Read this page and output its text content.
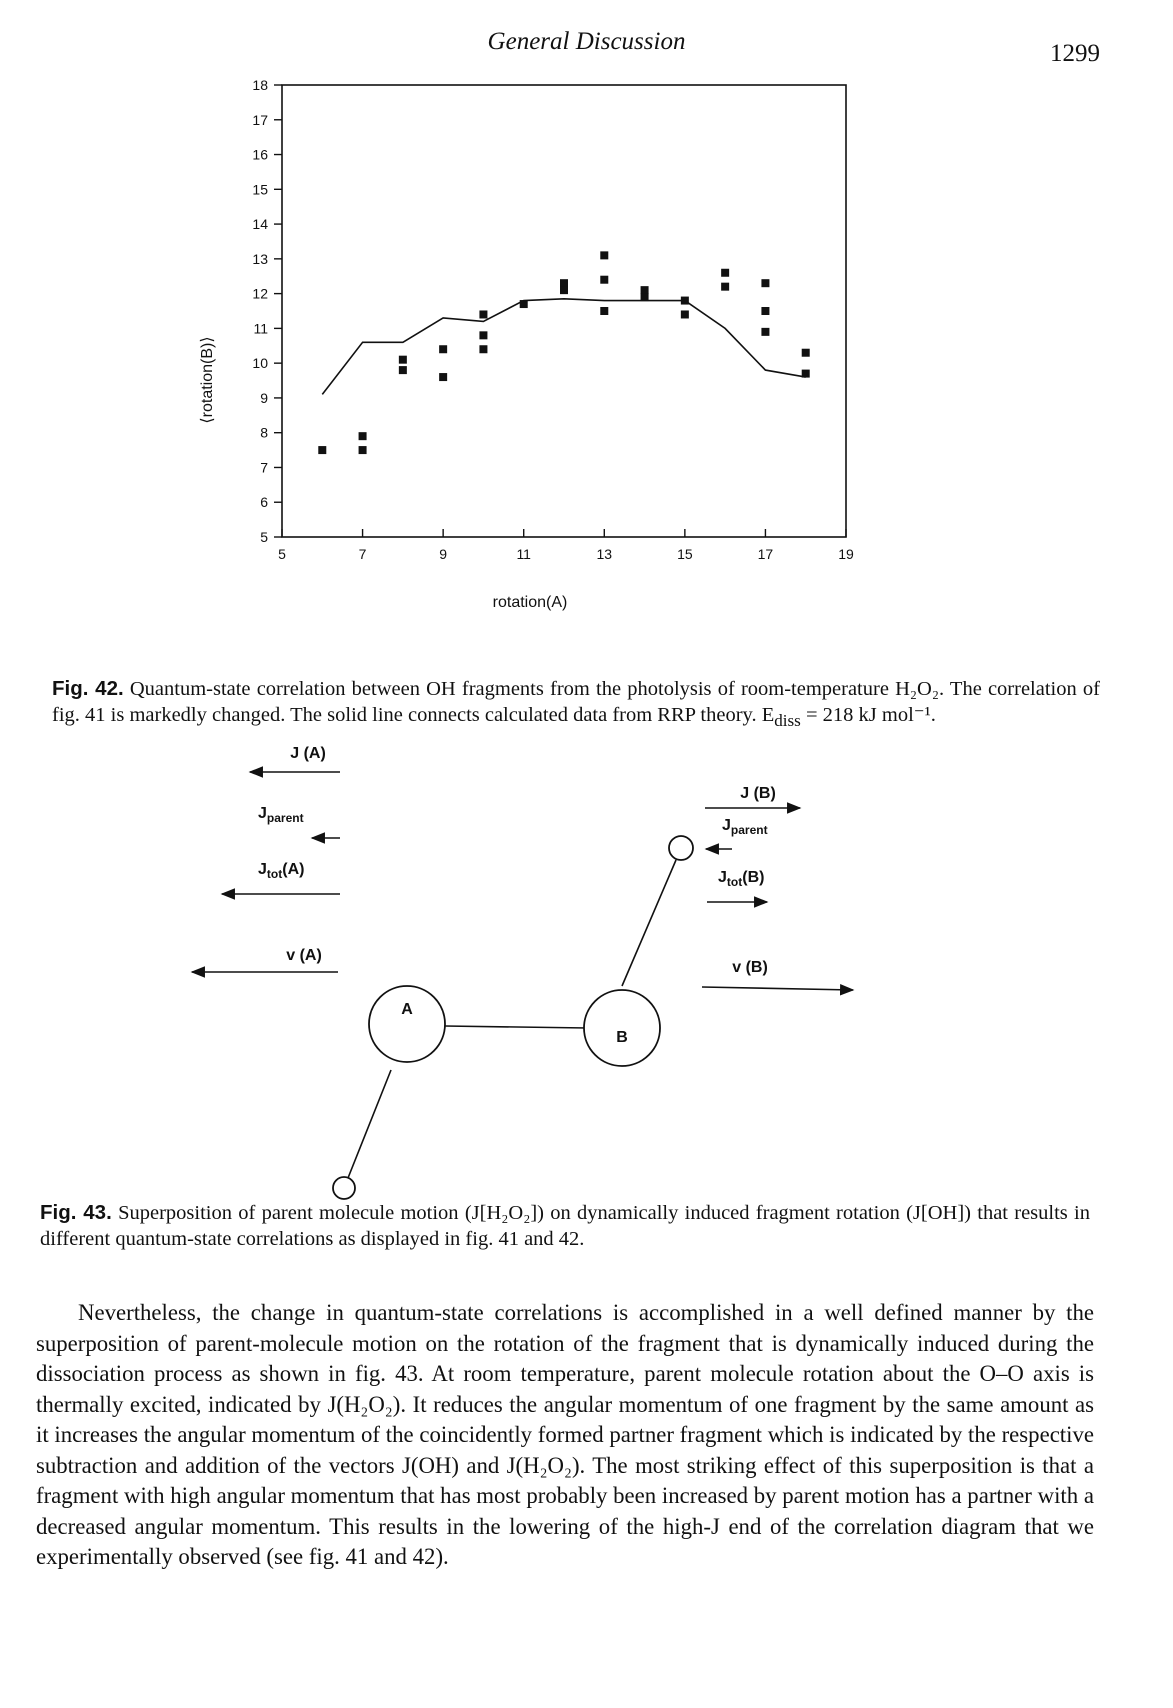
General Discussion	1299
5	7	9	11	13	15	17	19
5
6
7
8
9
10
11
12
13
14
15
16
17
18
rotation(A)
⟨rotation(B)⟩
Fig. 42. Quantum-state correlation between OH fragments from the photolysis of room-temperature H₂O₂. The correlation of fig. 41 is markedly changed. The solid line connects calculated data from RRP theory. $E_{diss} = 218$ kJ mol⁻¹.
A
B
J (A)
$J_{parent}$
$J_{tot}(A)$
v (A)
J (B)
$J_{parent}$
$J_{tot}(B)$
v (B)
Fig. 43. Superposition of parent molecule motion (J[H₂O₂]) on dynamically induced fragment rotation (J[OH]) that results in different quantum-state correlations as displayed in fig. 41 and 42.
Nevertheless, the change in quantum-state correlations is accomplished in a well defined manner by the superposition of parent-molecule motion on the rotation of the fragment that is dynamically induced during the dissociation process as shown in fig. 43. At room temperature, parent molecule rotation about the O–O axis is thermally excited, indicated by J(H₂O₂). It reduces the angular momentum of one fragment by the same amount as it increases the angular momentum of the coincidently formed partner fragment which is indicated by the respective subtraction and addition of the vectors J(OH) and J(H₂O₂). The most striking effect of this superposition is that a fragment with high angular momentum that has most probably been increased by parent motion has a partner with a decreased angular momentum. This results in the lowering of the high-J end of the correlation diagram that we experimentally observed (see fig. 41 and 42).
